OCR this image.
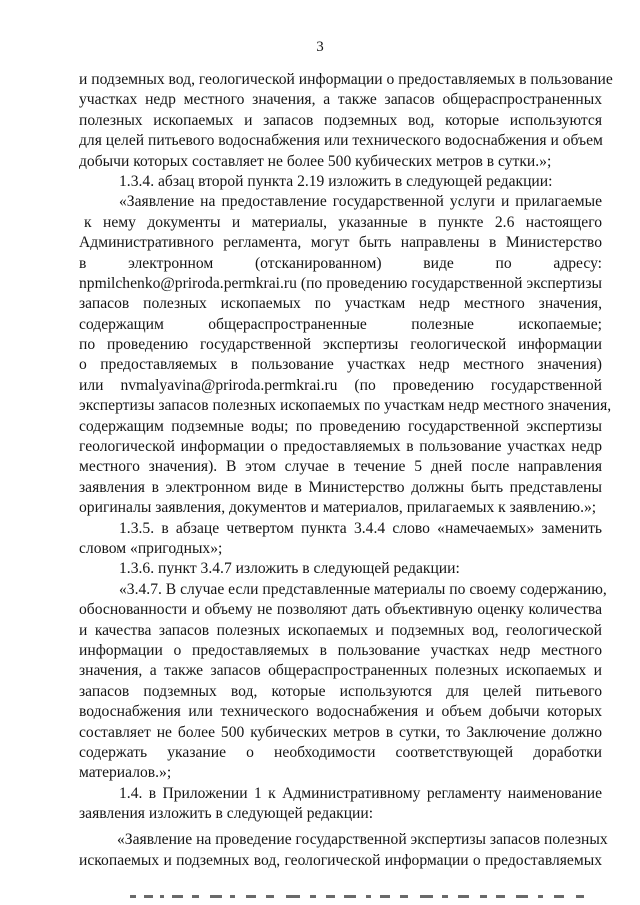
3
и подземных вод, геологической информации о предоставляемых в пользование
участках недр местного значения, а также запасов общераспространенных
полезных ископаемых и запасов подземных вод, которые используются
для целей питьевого водоснабжения или технического водоснабжения и объем
добычи которых составляет не более 500 кубических метров в сутки.»;
1.3.4. абзац второй пункта 2.19 изложить в следующей редакции:
«Заявление на предоставление государственной услуги и прилагаемые
к нему документы и материалы, указанные в пункте 2.6 настоящего
Административного регламента, могут быть направлены в Министерство
в электронном (отсканированном) виде по адресу:
npmilchenko@priroda.permkrai.ru (по проведению государственной экспертизы
запасов полезных ископаемых по участкам недр местного значения,
содержащим общераспространенные полезные ископаемые;
по проведению государственной экспертизы геологической информации
о предоставляемых в пользование участках недр местного значения)
или nvmalyavina@priroda.permkrai.ru (по проведению государственной
экспертизы запасов полезных ископаемых по участкам недр местного значения,
содержащим подземные воды; по проведению государственной экспертизы
геологической информации о предоставляемых в пользование участках недр
местного значения). В этом случае в течение 5 дней после направления
заявления в электронном виде в Министерство должны быть представлены
оригиналы заявления, документов и материалов, прилагаемых к заявлению.»;
1.3.5. в абзаце четвертом пункта 3.4.4 слово «намечаемых» заменить
словом «пригодных»;
1.3.6. пункт 3.4.7 изложить в следующей редакции:
«3.4.7. В случае если представленные материалы по своему содержанию,
обоснованности и объему не позволяют дать объективную оценку количества
и качества запасов полезных ископаемых и подземных вод, геологической
информации о предоставляемых в пользование участках недр местного
значения, а также запасов общераспространенных полезных ископаемых и
запасов подземных вод, которые используются для целей питьевого
водоснабжения или технического водоснабжения и объем добычи которых
составляет не более 500 кубических метров в сутки, то Заключение должно
содержать указание о необходимости соответствующей доработки
материалов.»;
1.4. в Приложении 1 к Административному регламенту наименование
заявления изложить в следующей редакции:
«Заявление на проведение государственной экспертизы запасов полезных
ископаемых и подземных вод, геологической информации о предоставляемых
